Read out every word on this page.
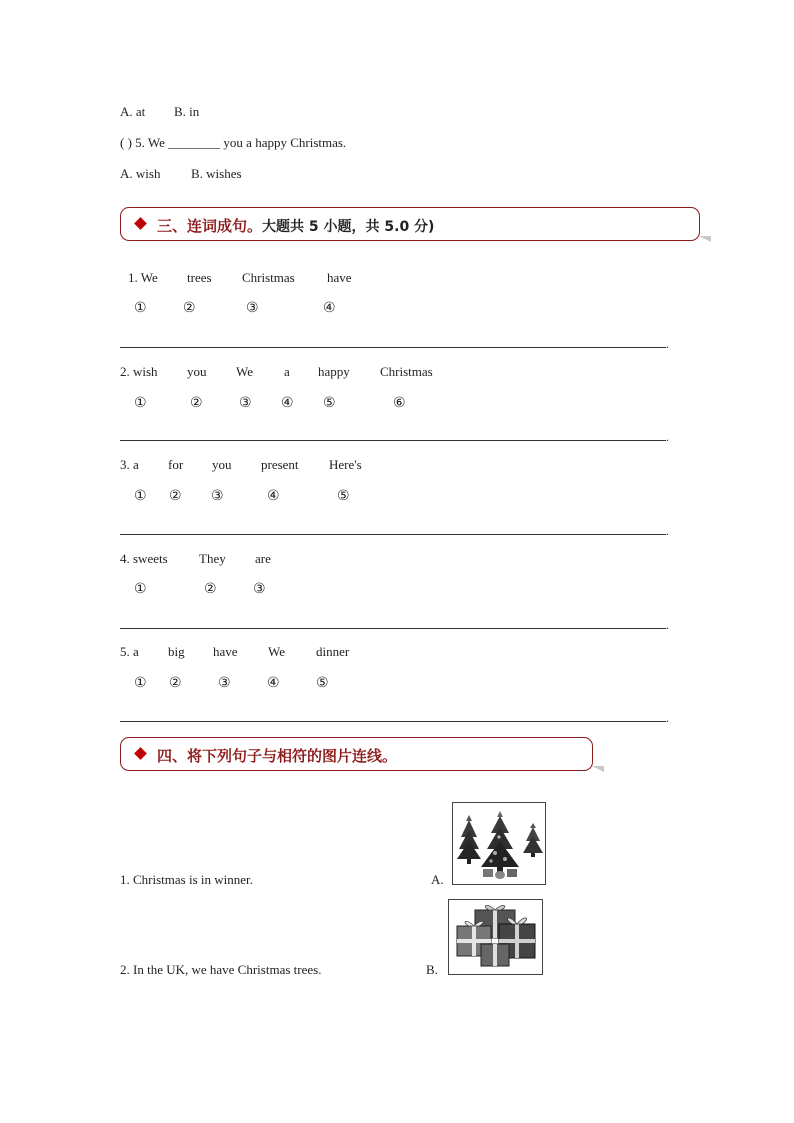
A. at B. in
( ) 5. We ________ you a happy Christmas.
A. wish B. wishes
三、连词成句。大题共 5 小题，共 5.0 分)
1. We trees Christmas have
①	②	③	④
.
2. wish you We a happy Christmas
①	②	③ ④ ⑤	⑥
.
3. a for you present Here's
① ② ③	④	⑤
.
4. sweets They are
①	②	③
.
5. a big have We dinner
① ②	③	④	⑤
.
四、将下列句子与相符的图片连线。
1. Christmas is in winner.	A.
2. In the UK, we have Christmas trees.	B.
